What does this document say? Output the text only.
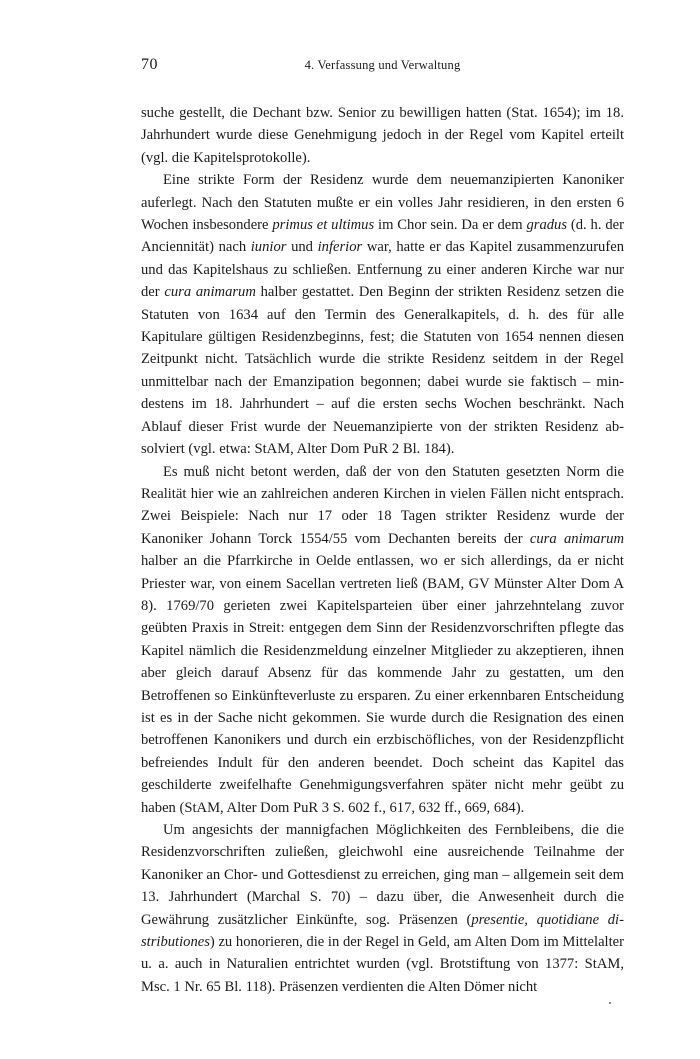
70	4. Verfassung und Verwaltung

suche gestellt, die Dechant bzw. Senior zu bewilligen hatten (Stat. 1654); im 18. Jahrhundert wurde diese Genehmigung jedoch in der Regel vom Kapitel erteilt (vgl. die Kapitelsprotokolle).

Eine strikte Form der Residenz wurde dem neuemanzipierten Kanoniker auferlegt. Nach den Statuten mußte er ein volles Jahr residieren, in den ersten 6 Wochen insbesondere primus et ultimus im Chor sein. Da er dem gradus (d. h. der Anciennität) nach iunior und inferior war, hatte er das Kapitel zusammenzurufen und das Kapitelshaus zu schließen. Entfernung zu einer anderen Kirche war nur der cura animarum halber gestattet. Den Beginn der strikten Residenz setzen die Statuten von 1634 auf den Termin des Generalkapitels, d. h. des für alle Kapitulare gültigen Residenzbeginns, fest; die Statuten von 1654 nennen diesen Zeitpunkt nicht. Tatsächlich wurde die strikte Residenz seitdem in der Regel unmittelbar nach der Emanzipation begonnen; dabei wurde sie faktisch – mindestens im 18. Jahrhundert – auf die ersten sechs Wochen beschränkt. Nach Ablauf dieser Frist wurde der Neuemanzipierte von der strikten Residenz absolviert (vgl. etwa: StAM, Alter Dom PuR 2 Bl. 184).

Es muß nicht betont werden, daß der von den Statuten gesetzten Norm die Realität hier wie an zahlreichen anderen Kirchen in vielen Fällen nicht entsprach. Zwei Beispiele: Nach nur 17 oder 18 Tagen strikter Residenz wurde der Kanoniker Johann Torck 1554/55 vom Dechanten bereits der cura animarum halber an die Pfarrkirche in Oelde entlassen, wo er sich allerdings, da er nicht Priester war, von einem Sacellan vertreten ließ (BAM, GV Münster Alter Dom A 8). 1769/70 gerieten zwei Kapitelsparteien über einer jahrzehntelang zuvor geübten Praxis in Streit: entgegen dem Sinn der Residenzvorschriften pflegte das Kapitel nämlich die Residenzmeldung einzelner Mitglieder zu akzeptieren, ihnen aber gleich darauf Absenz für das kommende Jahr zu gestatten, um den Betroffenen so Einkünfteverluste zu ersparen. Zu einer erkennbaren Entscheidung ist es in der Sache nicht gekommen. Sie wurde durch die Resignation des einen betroffenen Kanonikers und durch ein erzbischöfliches, von der Residenzpflicht befreiendes Indult für den anderen beendet. Doch scheint das Kapitel das geschilderte zweifelhafte Genehmigungsverfahren später nicht mehr geübt zu haben (StAM, Alter Dom PuR 3 S. 602 f., 617, 632 ff., 669, 684).

Um angesichts der mannigfachen Möglichkeiten des Fernbleibens, die die Residenzvorschriften zuließen, gleichwohl eine ausreichende Teilnahme der Kanoniker an Chor- und Gottesdienst zu erreichen, ging man – allgemein seit dem 13. Jahrhundert (Marchal S. 70) – dazu über, die Anwesenheit durch die Gewährung zusätzlicher Einkünfte, sog. Präsenzen (presentie, quotidiane distributiones) zu honorieren, die in der Regel in Geld, am Alten Dom im Mittelalter u. a. auch in Naturalien entrichtet wurden (vgl. Brotstiftung von 1377: StAM, Msc. 1 Nr. 65 Bl. 118). Präsenzen verdienten die Alten Dömer nicht
